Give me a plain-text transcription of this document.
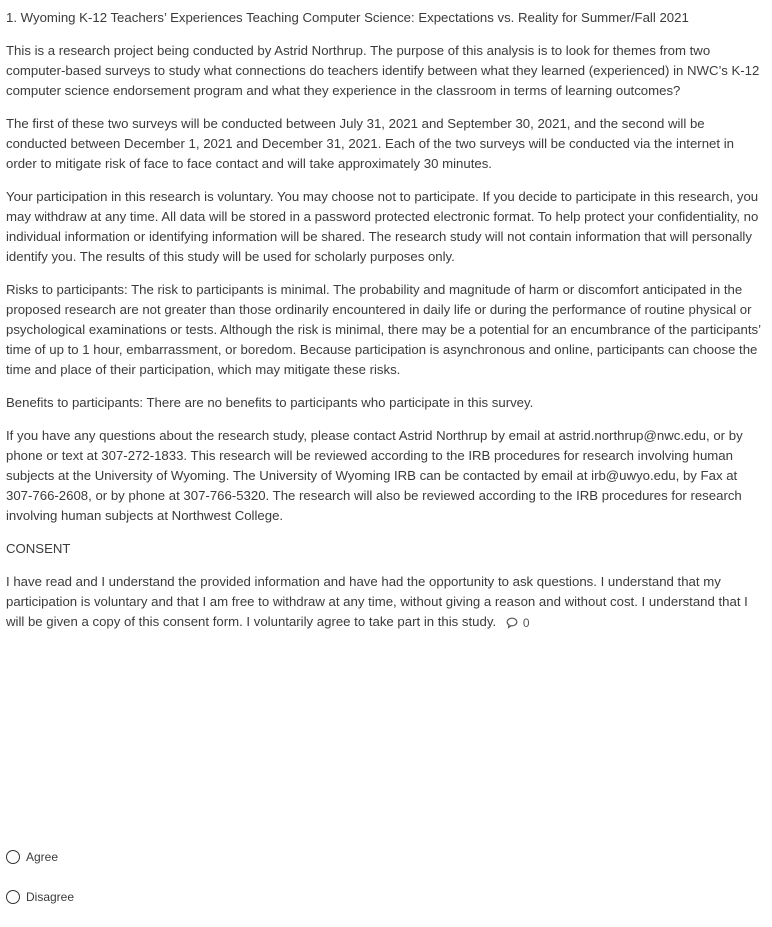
1. Wyoming K-12 Teachers’ Experiences Teaching Computer Science: Expectations vs. Reality for Summer/Fall 2021

This is a research project being conducted by Astrid Northrup. The purpose of this analysis is to look for themes from two computer-based surveys to study what connections do teachers identify between what they learned (experienced) in NWC’s K-12 computer science endorsement program and what they experience in the classroom in terms of learning outcomes?

The first of these two surveys will be conducted between July 31, 2021 and September 30, 2021, and the second will be conducted between December 1, 2021 and December 31, 2021. Each of the two surveys will be conducted via the internet in order to mitigate risk of face to face contact and will take approximately 30 minutes.

Your participation in this research is voluntary. You may choose not to participate. If you decide to participate in this research, you may withdraw at any time. All data will be stored in a password protected electronic format. To help protect your confidentiality, no individual information or identifying information will be shared. The research study will not contain information that will personally identify you. The results of this study will be used for scholarly purposes only.

Risks to participants: The risk to participants is minimal. The probability and magnitude of harm or discomfort anticipated in the proposed research are not greater than those ordinarily encountered in daily life or during the performance of routine physical or psychological examinations or tests. Although the risk is minimal, there may be a potential for an encumbrance of the participants’ time of up to 1 hour, embarrassment, or boredom. Because participation is asynchronous and online, participants can choose the time and place of their participation, which may mitigate these risks.

Benefits to participants: There are no benefits to participants who participate in this survey.

If you have any questions about the research study, please contact Astrid Northrup by email at astrid.northrup@nwc.edu, or by phone or text at 307-272-1833. This research will be reviewed according to the IRB procedures for research involving human subjects at the University of Wyoming. The University of Wyoming IRB can be contacted by email at irb@uwyo.edu, by Fax at 307-766-2608, or by phone at 307-766-5320. The research will also be reviewed according to the IRB procedures for research involving human subjects at Northwest College.

CONSENT

I have read and I understand the provided information and have had the opportunity to ask questions. I understand that my participation is voluntary and that I am free to withdraw at any time, without giving a reason and without cost. I understand that I will be given a copy of this consent form. I voluntarily agree to take part in this study. 0

Agree
Disagree
